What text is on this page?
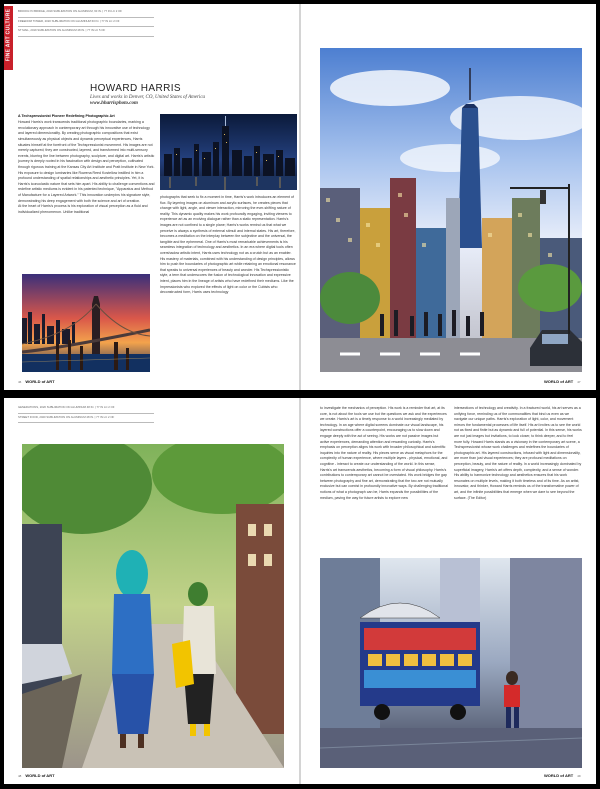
FINE ART CULTURE BROOKLYN BRIDGE, 2019 SUBLIMATION ON ALUMINUM, 60 IN. | 77 IN LC 2 OF
FREEDOM TOWER, 2020 SUBLIMATION ON ALUMINUM 60 IN. | 77 IN LC 2 OF
ST MAIL, 2019 SUBLIMATION ON ALUMINUM 48 IN. | 77 IN LC 5 OF
HOWARD HARRIS
Lives and works in Denver, CO, United States of America
www.hharrisphoto.com
A Techspressionist Pioneer Redefining Photographic Art

Howard Harris's work transcends traditional photographic boundaries, marking a revolutionary approach in contemporary art through his innovative use of technology and layered dimensionality. By creating photographic compositions that exist simultaneously as physical objects and dynamic perceptual experiences, Harris situates himself at the forefront of the Techspressionist movement. His images are not merely captured; they are constructed, layered, and transformed into multi-sensory events, blurring the line between photography, sculpture, and digital art. Harris's artistic journey is deeply rooted in his fascination with design and perception, cultivated through rigorous training at the Kansas City Art Institute and Pratt Institute in New York. His exposure to design luminaries like Rowena Reed Kostellow instilled in him a profound understanding of spatial relationships and aesthetic principles. Yet, it is Harris's iconoclastic nature that sets him apart. His ability to challenge conventions and redefine artistic mediums is evident in his patented technique, "Apparatus and Method of Manufacture for a Layered Artwork." This innovation underpins his signature style, demonstrating his deep engagement with both the science and art of creation.

At the heart of Harris's process is his exploration of visual perception as a fluid and individualized phenomenon. Unlike traditional

photographs that seek to fix a moment in time, Harris's work introduces an element of flux. By layering images on aluminum and acrylic surfaces, he creates pieces that change with light, angle, and viewer interaction, mirroring the ever-shifting nature of reality. This dynamic quality makes his work profoundly engaging, inviting viewers to experience art as an evolving dialogue rather than a static representation. Harris's images are not confined to a single plane; Harris's works remind us that what we perceive is always a synthesis of external stimuli and internal states. His art, therefore, becomes a meditation on the interplay between the subjective and the universal, the tangible and the ephemeral. One of Harris's most remarkable achievements is his seamless integration of technology and aesthetics. In an era where digital tools often overshadow artistic intent, Harris uses technology not as a crutch but as an enabler. His mastery of materials, combined with his understanding of design principles, allows him to push the boundaries of photographic art while retaining an emotional resonance that speaks to universal experiences of beauty and wonder. His Techspressionistic style, a term that underscores the fusion of technological innovation and expressive intent, places him in the lineage of artists who have redefined their mediums. Like the Impressionists who explored the effects of light on color or the Cubists who deconstructed form, Harris uses technology

46 WORLD of ART	WORLD of ART 47
GENERATIONS, 2020 SUBLIMATION ON ALUMINUM 48 IN. | 77 IN LC 2 OF
STREET FOOD, 2020 SUBLIMATION ON ALUMINUM 48 IN. | 77 IN LC 2 OF

to investigate the mechanics of perception. His work is a reminder that art, at its core, is not about the tools we use but the questions we ask and the experiences we create. Harris's art is a timely response to a world increasingly mediated by technology. In an age where digital screens dominate our visual landscape, his layered constructions offer a counterpoint, encouraging us to slow down and engage deeply with the act of seeing. His works are not passive images but active experiences, demanding attention and rewarding curiosity. Harris's emphasis on perception aligns his work with broader philosophical and scientific inquiries into the nature of reality. His pieces serve as visual metaphors for the complexity of human experience, where multiple layers - physical, emotional, and cognitive - interact to create our understanding of the world. In this sense, Harris's art transcends aesthetics, becoming a form of visual philosophy. Harris's contributions to contemporary art cannot be overstated. His work bridges the gap between photography and fine art, demonstrating that the two are not mutually exclusive but can coexist in profoundly innovative ways. By challenging traditional notions of what a photograph can be, Harris expands the possibilities of the medium, paving the way for future artists to explore new

intersections of technology and creativity. In a fractured world, his art serves as a unifying force, reminding us of the commonalities that bind us even as we navigate our unique paths. Harris's exploration of light, color, and movement mirrors the fundamental processes of life itself. His art invites us to see the world not as fixed and finite but as dynamic and full of potential. In this sense, his works are not just images but invitations, to look closer, to think deeper, and to feel more fully. Howard Harris stands as a visionary in the contemporary art scene, a Techspressionist whose work challenges and redefines the boundaries of photographic art. His layered constructions, infused with light and dimensionality, are more than just visual experiences; they are profound meditations on perception, beauty, and the nature of reality. In a world increasingly dominated by superficial imagery, Harris's art offers depth, complexity, and a sense of wonder. His ability to harmonize technology and aesthetics ensures that his work resonates on multiple levels, making it both timeless and of its time. As an artist, innovator, and thinker, Howard Harris reminds us of the transformative power of art, and the infinite possibilities that emerge when we dare to see beyond the surface. (The Editor)

48 WORLD of ART	WORLD of ART 49
